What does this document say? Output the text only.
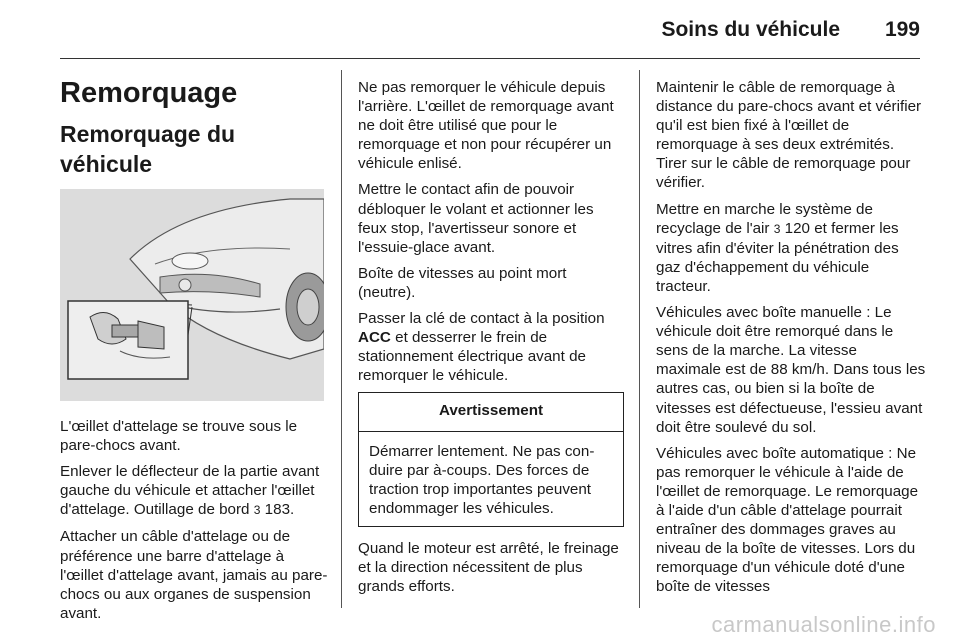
Soins du véhicule 199
Remorquage
Remorquage du véhicule

L'œillet d'attelage se trouve sous le pare-chocs avant.

Enlever le déflecteur de la partie avant gauche du véhicule et attacher l'œillet d'attelage. Outillage de bord 3 183.

Attacher un câble d'attelage ou de préférence une barre d'attelage à l'œillet d'attelage avant, jamais au pare-chocs ou aux organes de suspension avant.

Ne pas remorquer le véhicule depuis l'arrière. L'œillet de remorquage avant ne doit être utilisé que pour le remorquage et non pour récupérer un véhicule enlisé.

Mettre le contact afin de pouvoir débloquer le volant et actionner les feux stop, l'avertisseur sonore et l'essuie-glace avant.

Boîte de vitesses au point mort (neutre).

Passer la clé de contact à la position ACC et desserrer le frein de stationnement électrique avant de remorquer le véhicule.

Avertissement
Démarrer lentement. Ne pas conduire par à-coups. Des forces de traction trop importantes peuvent endommager les véhicules.

Quand le moteur est arrêté, le freinage et la direction nécessitent de plus grands efforts.

Maintenir le câble de remorquage à distance du pare-chocs avant et vérifier qu'il est bien fixé à l'œillet de remorquage à ses deux extrémités. Tirer sur le câble de remorquage pour vérifier.

Mettre en marche le système de recyclage de l'air 3 120 et fermer les vitres afin d'éviter la pénétration des gaz d'échappement du véhicule tracteur.

Véhicules avec boîte manuelle : Le véhicule doit être remorqué dans le sens de la marche. La vitesse maximale est de 88 km/h. Dans tous les autres cas, ou bien si la boîte de vitesses est défectueuse, l'essieu avant doit être soulevé du sol.

Véhicules avec boîte automatique : Ne pas remorquer le véhicule à l'aide de l'œillet de remorquage. Le remorquage à l'aide d'un câble d'attelage pourrait entraîner des dommages graves au niveau de la boîte de vitesses. Lors du remorquage d'un véhicule doté d'une boîte de vitesses

carmanualsonline.info
